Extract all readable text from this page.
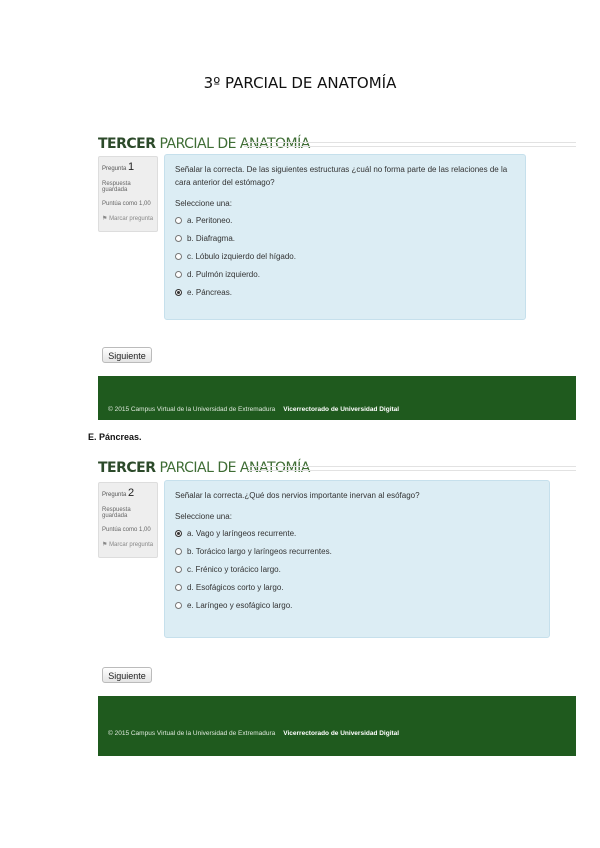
3º PARCIAL DE ANATOMÍA
TERCER PARCIAL DE ANATOMÍA
Pregunta 1
Respuesta guardada
Puntúa como 1,00
⚑ Marcar pregunta
Señalar la correcta. De las siguientes estructuras ¿cuál no forma parte de las relaciones de la cara anterior del estómago?
Seleccione una:
a. Peritoneo.
b. Diafragma.
c. Lóbulo izquierdo del hígado.
d. Pulmón izquierdo.
e. Páncreas.
Siguiente
© 2015 Campus Virtual de la Universidad de Extremadura Vicerrectorado de Universidad Digital
E. Páncreas.
TERCER PARCIAL DE ANATOMÍA
Pregunta 2
Respuesta guardada
Puntúa como 1,00
⚑ Marcar pregunta
Señalar la correcta.¿Qué dos nervios importante inervan al esófago?
Seleccione una:
a. Vago y laríngeos recurrente.
b. Torácico largo y laríngeos recurrentes.
c. Frénico y torácico largo.
d. Esofágicos corto y largo.
e. Laríngeo y esofágico largo.
Siguiente
© 2015 Campus Virtual de la Universidad de Extremadura Vicerrectorado de Universidad Digital
